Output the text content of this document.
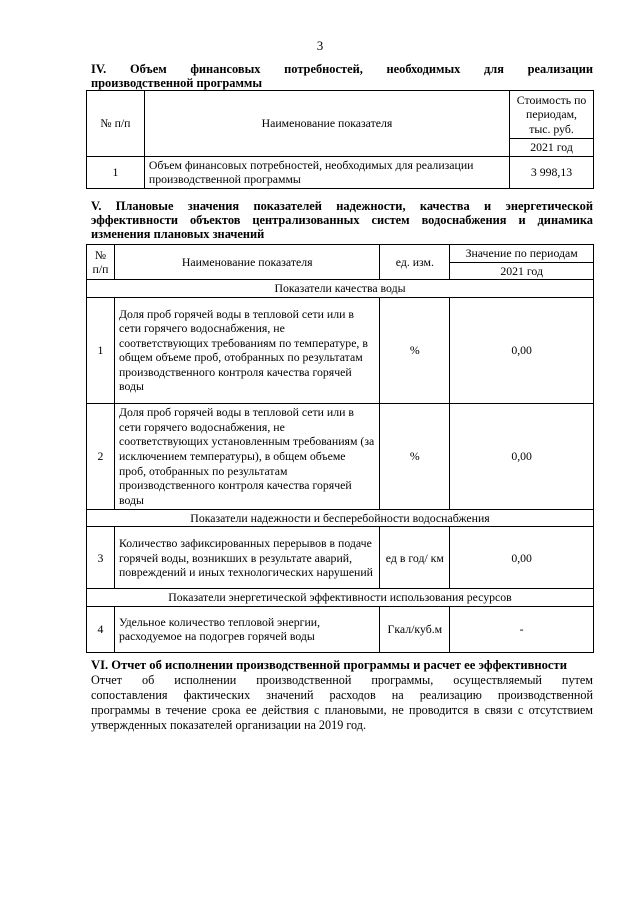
3
IV. Объем финансовых потребностей, необходимых для реализации
производственной программы
№ п/п	Наименование показателя	Стоимость по периодам, тыс. руб.
		2021 год
1	Объем финансовых потребностей, необходимых для реализации производственной программы	3 998,13
V. Плановые значения показателей надежности, качества и энергетической
эффективности объектов централизованных систем водоснабжения и динамика
изменения плановых значений
№ п/п	Наименование показателя	ед. изм.	Значение по периодам
			2021 год
Показатели качества воды			
1	Доля проб горячей воды в тепловой сети или в сети горячего водоснабжения, не соответствующих требованиям по температуре, в общем объеме проб, отобранных по результатам производственного контроля качества горячей воды	%	0,00
2	Доля проб горячей воды в тепловой сети или в сети горячего водоснабжения, не соответствующих установленным требованиям (за исключением температуры), в общем объеме проб, отобранных по результатам производственного контроля качества горячей воды	%	0,00
Показатели надежности и бесперебойности водоснабжения			
3	Количество зафиксированных перерывов в подаче горячей воды, возникших в результате аварий, повреждений и иных технологических нарушений	ед в год/ км	0,00
Показатели энергетической эффективности использования ресурсов			
4	Удельное количество тепловой энергии, расходуемое на подогрев горячей воды	Гкал/куб.м	-
VI. Отчет об исполнении производственной программы и расчет ее эффективности
Отчет об исполнении производственной программы, осуществляемый путем
сопоставления фактических значений расходов на реализацию производственной
программы в течение срока ее действия с плановыми, не проводится в связи с отсутствием
утвержденных показателей организации на 2019 год.
